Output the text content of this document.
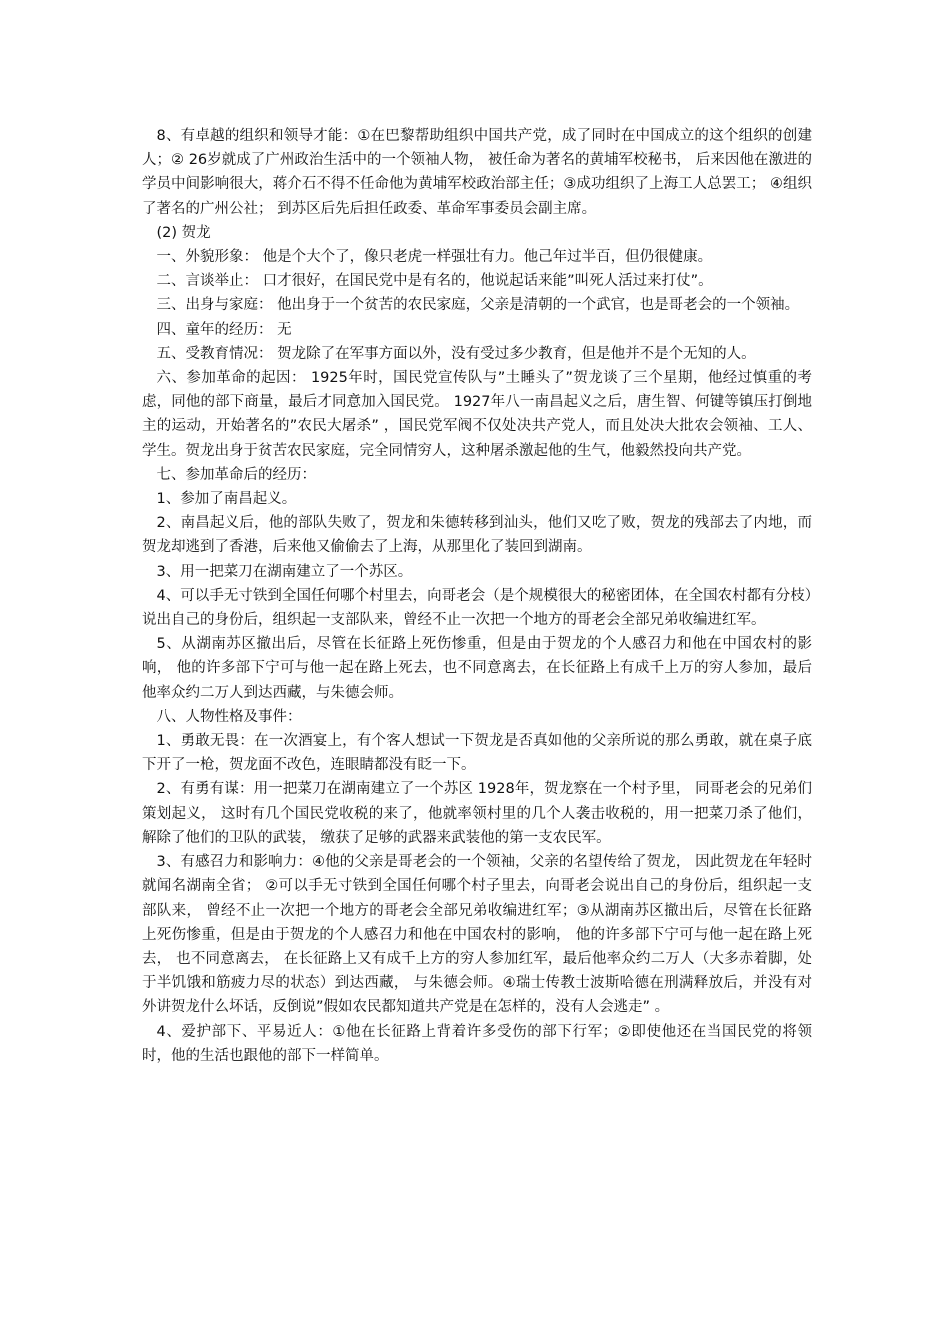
8、有卓越的组织和领导才能：①在巴黎帮助组织中国共产党，成了同时在中国成立的这个组织的创建人；② 26岁就成了广州政治生活中的一个领袖人物， 被任命为著名的黄埔军校秘书， 后来因他在激进的学员中间影响很大，蒋介石不得不任命他为黄埔军校政治部主任；③成功组织了上海工人总罢工； ④组织了著名的广州公社； 到苏区后先后担任政委、革命军事委员会副主席。

(2) 贺龙

一、外貌形象： 他是个大个了，像只老虎一样强壮有力。他己年过半百，但仍很健康。

二、言谈举止： 口才很好，在国民党中是有名的，他说起话来能”叫死人活过来打仗”。

三、出身与家庭： 他出身于一个贫苦的农民家庭，父亲是清朝的一个武官，也是哥老会的一个领袖。

四、童年的经历： 无

五、受教育情况： 贺龙除了在军事方面以外，没有受过多少教育，但是他并不是个无知的人。

六、参加革命的起因： 1925年时，国民党宣传队与”土睡头了”贺龙谈了三个星期，他经过慎重的考虑，同他的部下商量，最后才同意加入国民党。 1927年八一南昌起义之后，唐生智、何键等镇压打倒地主的运动，开始著名的”农民大屠杀” ，国民党军阀不仅处决共产党人，而且处决大批农会领袖、工人、学生。贺龙出身于贫苦农民家庭，完全同情穷人，这种屠杀激起他的生气，他毅然投向共产党。

七、参加革命后的经历：

1、参加了南昌起义。

2、南昌起义后，他的部队失败了，贺龙和朱德转移到汕头，他们又吃了败，贺龙的残部去了内地，而贺龙却逃到了香港，后来他又偷偷去了上海，从那里化了装回到湖南。

3、用一把菜刀在湖南建立了一个苏区。

4、可以手无寸铁到全国任何哪个村里去，向哥老会（是个规模很大的秘密团体，在全国农村都有分枝）说出自己的身份后，组织起一支部队来，曾经不止一次把一个地方的哥老会全部兄弟收编进红军。

5、从湖南苏区撤出后，尽管在长征路上死伤惨重，但是由于贺龙的个人感召力和他在中国农村的影响， 他的许多部下宁可与他一起在路上死去，也不同意离去，在长征路上有成千上万的穷人参加，最后他率众约二万人到达西藏，与朱德会师。

八、人物性格及事件：

1、勇敢无畏：在一次酒宴上，有个客人想试一下贺龙是否真如他的父亲所说的那么勇敢，就在桌子底下开了一枪，贺龙面不改色，连眼睛都没有眨一下。

2、有勇有谋：用一把菜刀在湖南建立了一个苏区 1928年，贺龙察在一个村予里， 同哥老会的兄弟们策划起义， 这时有几个国民党收税的来了，他就率领村里的几个人袭击收税的，用一把菜刀杀了他们，解除了他们的卫队的武装， 缴获了足够的武器来武装他的第一支农民军。

3、有感召力和影响力：④他的父亲是哥老会的一个领袖，父亲的名望传给了贺龙， 因此贺龙在年轻时就闻名湖南全省； ②可以手无寸铁到全国任何哪个村子里去，向哥老会说出自己的身份后，组织起一支部队来， 曾经不止一次把一个地方的哥老会全部兄弟收编进红军；③从湖南苏区撤出后，尽管在长征路上死伤惨重，但是由于贺龙的个人感召力和他在中国农村的影响， 他的许多部下宁可与他一起在路上死去， 也不同意离去， 在长征路上又有成千上方的穷人参加红军，最后他率众约二万人（大多赤着脚，处于半饥饿和筋疲力尽的状态）到达西藏， 与朱德会师。④瑞士传教士波斯哈德在刑满释放后，并没有对外讲贺龙什么坏话，反倒说”假如农民都知道共产党是在怎样的，没有人会逃走” 。

4、爱护部下、平易近人：①他在长征路上背着许多受伤的部下行军；②即使他还在当国民党的将领时，他的生活也跟他的部下一样简单。
